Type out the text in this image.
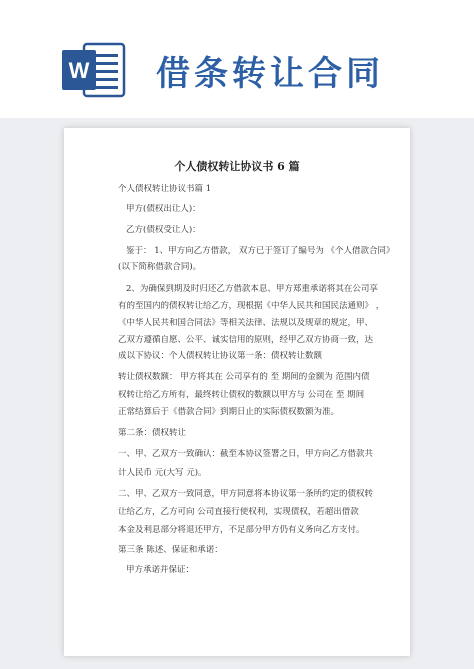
W 借条转让合同
个人债权转让协议书 6 篇
个人债权转让协议书篇 1
甲方(债权出让人)：
乙方(债权受让人)：
鉴于： 1、甲方向乙方借款， 双方已于签订了编号为 《个人借款合同》
(以下简称借款合同)。
2、为确保到期及时归还乙方借款本息、甲方郑重承诺将其在公司享
有的至国内的债权转让给乙方，现根据《中华人民共和国民法通则》 ，
《中华人民共和国合同法》等相关法律、法规以及规章的规定，甲、
乙双方遵循自愿、公平、诚实信用的原则，经甲乙双方协商一致，达
成以下协议：个人债权转让协议第一条：债权转让数额
转让债权数额： 甲方将其在 公司享有的 至 期间的金额为 范围内债
权转让给乙方所有，最终转让债权的数额以甲方与 公司在 至 期间
正常结算后于《借款合同》到期日止的实际债权数额为准。
第二条：债权转让
一、甲、乙双方一致确认：截至本协议签署之日，甲方向乙方借款共
计人民币 元(大写 元)。
二、甲、乙双方一致同意，甲方同意将本协议第一条所约定的债权转
让给乙方，乙方可向 公司直接行使权利，实现债权，若超出借款
本金及利息部分将退还甲方，不足部分甲方仍有义务向乙方支付。
第三条 陈述、保证和承诺：
甲方承诺并保证：
